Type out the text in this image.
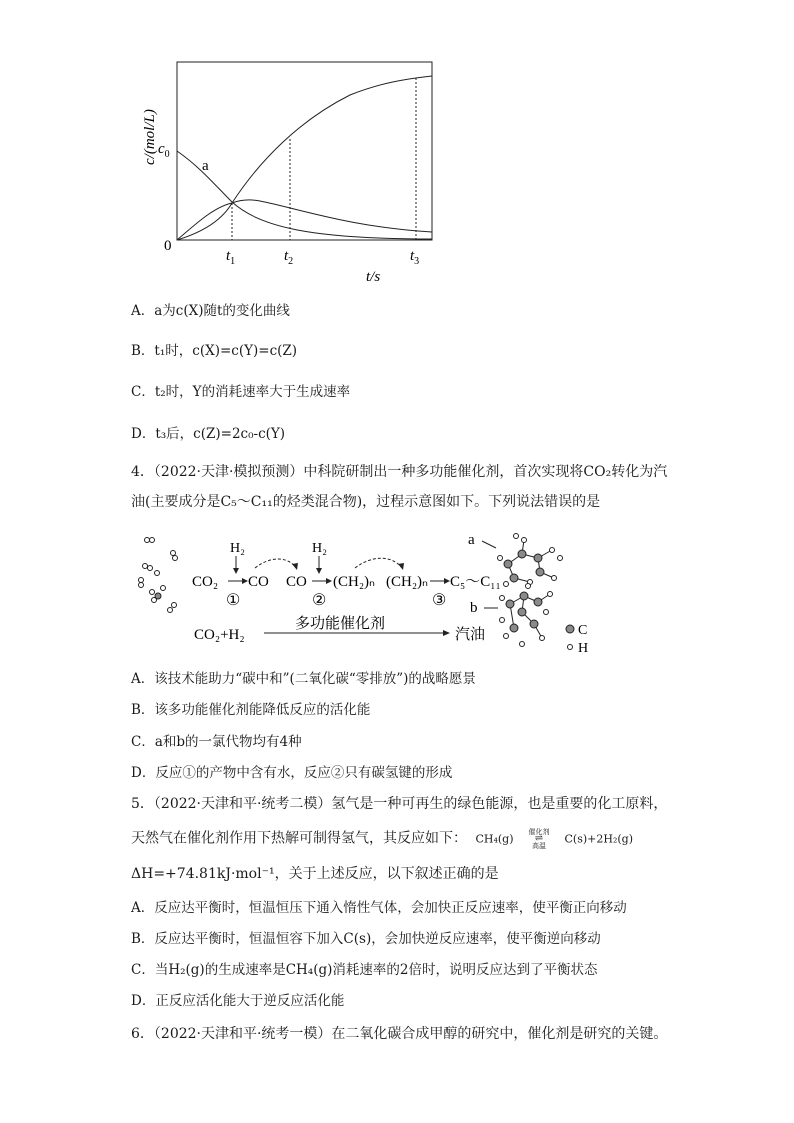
c/(mol/L) $c_0$
0
a
$t_1$	$t_2$	$t_3$
t/s
A．a为c(X)随t的变化曲线
B．t₁时，c(X)=c(Y)=c(Z)
C．t₂时，Y的消耗速率大于生成速率
D．t₃后，c(Z)=2c₀-c(Y)
4．（2022·天津·模拟预测）中科院研制出一种多功能催化剂，首次实现将CO₂转化为汽
油(主要成分是C₅～C₁₁的烃类混合物)，过程示意图如下。下列说法错误的是
H₂
CO₂ CO CO
H₂
(CH₂)ₙ (CH₂)ₙ C₅～C₁₁
①	②	③
CO₂+H₂
多功能催化剂
汽油
a
b
C
H
A．该技术能助力“碳中和”(二氧化碳“零排放”)的战略愿景
B．该多功能催化剂能降低反应的活化能
C．a和b的一氯代物均有4种
D．反应①的产物中含有水，反应②只有碳氢键的形成
5．（2022·天津和平·统考二模）氢气是一种可再生的绿色能源，也是重要的化工原料，
天然气在催化剂作用下热解可制得氢气，其反应如下： CH₄(g)
催化剂
⇌
高温
C(s)+2H₂(g)
ΔH=+74.81kJ·mol⁻¹，关于上述反应，以下叙述正确的是
A．反应达平衡时，恒温恒压下通入惰性气体，会加快正反应速率，使平衡正向移动
B．反应达平衡时，恒温恒容下加入C(s)，会加快逆反应速率，使平衡逆向移动
C．当H₂(g)的生成速率是CH₄(g)消耗速率的2倍时，说明反应达到了平衡状态
D．正反应活化能大于逆反应活化能
6．（2022·天津和平·统考一模）在二氧化碳合成甲醇的研究中，催化剂是研究的关键。
